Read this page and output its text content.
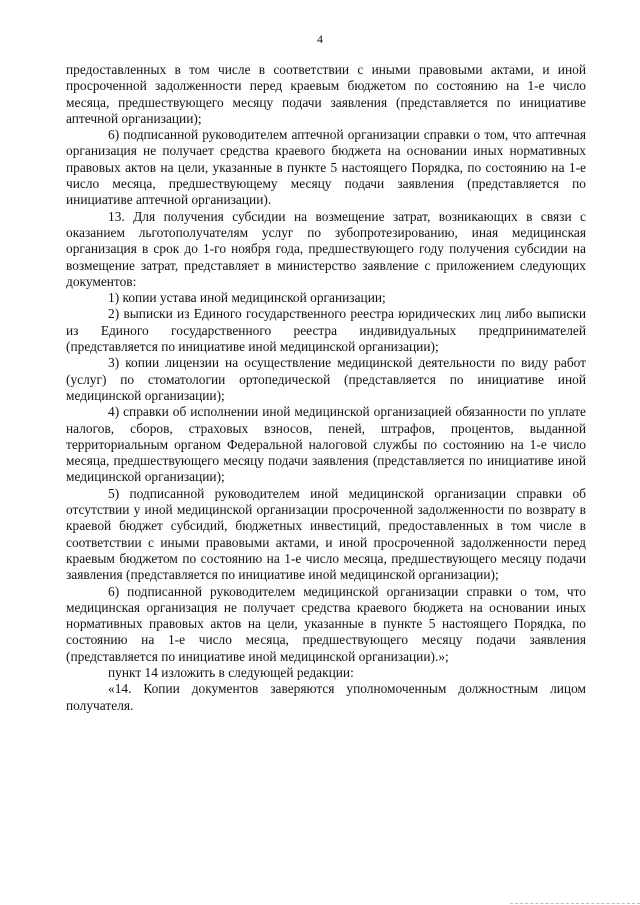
4

предоставленных в том числе в соответствии с иными правовыми актами, и иной просроченной задолженности перед краевым бюджетом по состоянию на 1-е число месяца, предшествующего месяцу подачи заявления (представляется по инициативе аптечной организации);

6) подписанной руководителем аптечной организации справки о том, что аптечная организация не получает средства краевого бюджета на основании иных нормативных правовых актов на цели, указанные в пункте 5 настоящего Порядка, по состоянию на 1-е число месяца, предшествующему месяцу подачи заявления (представляется по инициативе аптечной организации).

13. Для получения субсидии на возмещение затрат, возникающих в связи с оказанием льготополучателям услуг по зубопротезированию, иная медицинская организация в срок до 1-го ноября года, предшествующего году получения субсидии на возмещение затрат, представляет в министерство заявление с приложением следующих документов:

1) копии устава иной медицинской организации;

2) выписки из Единого государственного реестра юридических лиц либо выписки из Единого государственного реестра индивидуальных предпринимателей (представляется по инициативе иной медицинской организации);

3) копии лицензии на осуществление медицинской деятельности по виду работ (услуг) по стоматологии ортопедической (представляется по инициативе иной медицинской организации);

4) справки об исполнении иной медицинской организацией обязанности по уплате налогов, сборов, страховых взносов, пеней, штрафов, процентов, выданной территориальным органом Федеральной налоговой службы по состоянию на 1-е число месяца, предшествующего месяцу подачи заявления (представляется по инициативе иной медицинской организации);

5) подписанной руководителем иной медицинской организации справки об отсутствии у иной медицинской организации просроченной задолженности по возврату в краевой бюджет субсидий, бюджетных инвестиций, предоставленных в том числе в соответствии с иными правовыми актами, и иной просроченной задолженности перед краевым бюджетом по состоянию на 1-е число месяца, предшествующего месяцу подачи заявления (представляется по инициативе иной медицинской организации);

6) подписанной руководителем медицинской организации справки о том, что медицинская организация не получает средства краевого бюджета на основании иных нормативных правовых актов на цели, указанные в пункте 5 настоящего Порядка, по состоянию на 1-е число месяца, предшествующего месяцу подачи заявления (представляется по инициативе иной медицинской организации).»;

пункт 14 изложить в следующей редакции:

«14. Копии документов заверяются уполномоченным должностным лицом получателя.
